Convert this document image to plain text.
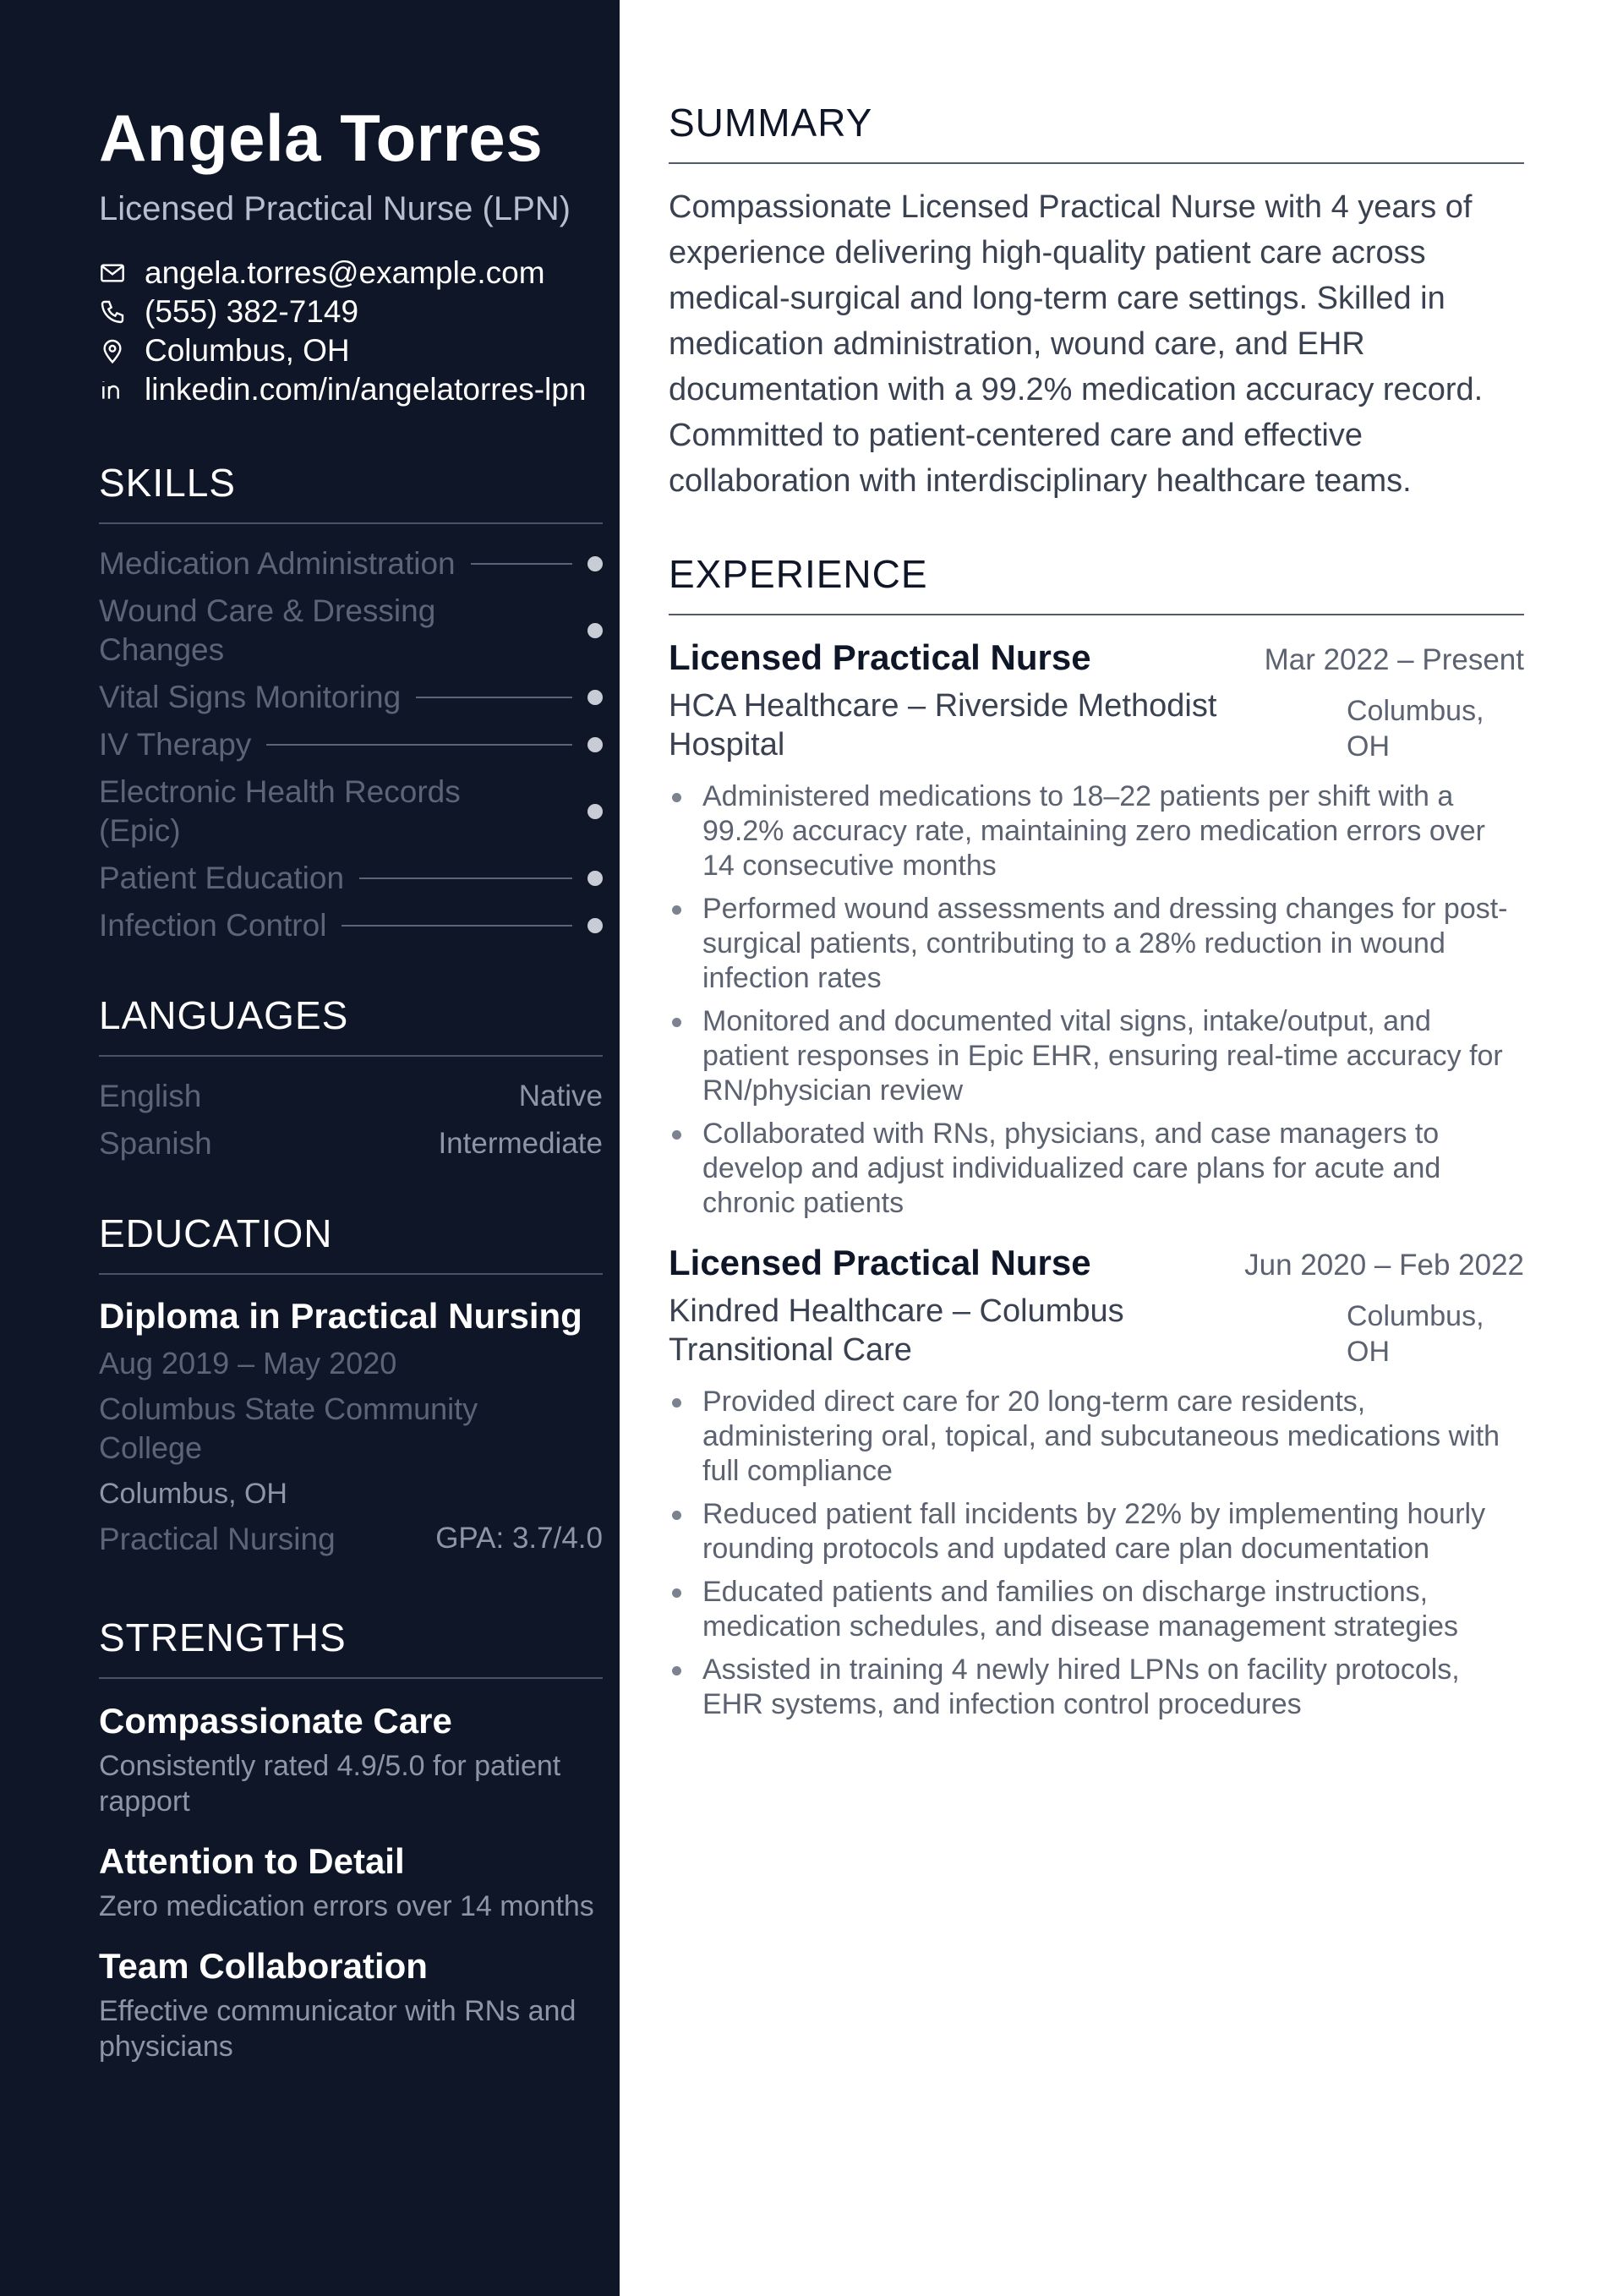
Angela Torres
Licensed Practical Nurse (LPN)
angela.torres@example.com
(555) 382-7149
Columbus, OH
linkedin.com/in/angelatorres-lpn
SKILLS
Medication Administration
Wound Care & Dressing Changes
Vital Signs Monitoring
IV Therapy
Electronic Health Records (Epic)
Patient Education
Infection Control
LANGUAGES
English	Native
Spanish	Intermediate
EDUCATION
Diploma in Practical Nursing
Aug 2019 – May 2020
Columbus State Community College
Columbus, OH
Practical Nursing	GPA: 3.7/4.0
STRENGTHS
Compassionate Care
Consistently rated 4.9/5.0 for patient rapport
Attention to Detail
Zero medication errors over 14 months
Team Collaboration
Effective communicator with RNs and physicians
SUMMARY
Compassionate Licensed Practical Nurse with 4 years of experience delivering high-quality patient care across medical-surgical and long-term care settings. Skilled in medication administration, wound care, and EHR documentation with a 99.2% medication accuracy record. Committed to patient-centered care and effective collaboration with interdisciplinary healthcare teams.
EXPERIENCE
Licensed Practical Nurse	Mar 2022 – Present
HCA Healthcare – Riverside Methodist Hospital
Columbus, OH
Administered medications to 18–22 patients per shift with a 99.2% accuracy rate, maintaining zero medication errors over 14 consecutive months
Performed wound assessments and dressing changes for post-surgical patients, contributing to a 28% reduction in wound infection rates
Monitored and documented vital signs, intake/output, and patient responses in Epic EHR, ensuring real-time accuracy for RN/physician review
Collaborated with RNs, physicians, and case managers to develop and adjust individualized care plans for acute and chronic patients
Licensed Practical Nurse	Jun 2020 – Feb 2022
Kindred Healthcare – Columbus Transitional Care
Columbus, OH
Provided direct care for 20 long-term care residents, administering oral, topical, and subcutaneous medications with full compliance
Reduced patient fall incidents by 22% by implementing hourly rounding protocols and updated care plan documentation
Educated patients and families on discharge instructions, medication schedules, and disease management strategies
Assisted in training 4 newly hired LPNs on facility protocols, EHR systems, and infection control procedures
